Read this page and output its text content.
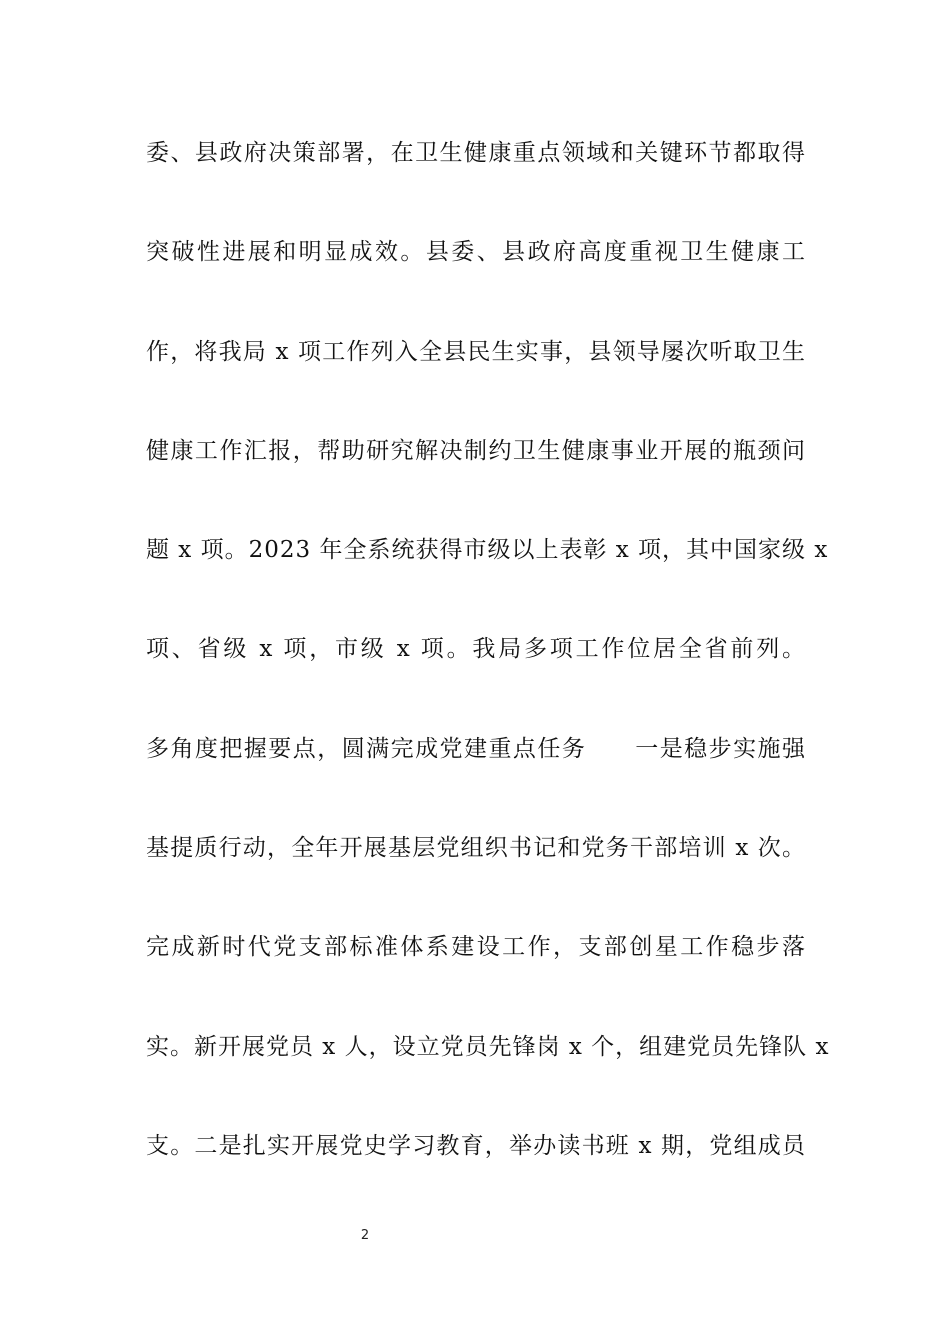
委、县政府决策部署，在卫生健康重点领域和关键环节都取得
突破性进展和明显成效。县委、县政府高度重视卫生健康工
作，将我局 x 项工作列入全县民生实事，县领导屡次听取卫生
健康工作汇报，帮助研究解决制约卫生健康事业开展的瓶颈问
题 x 项。2023 年全系统获得市级以上表彰 x 项，其中国家级 x
项、省级 x 项，市级 x 项。我局多项工作位居全省前列。
多角度把握要点，圆满完成党建重点任务　　一是稳步实施强
基提质行动，全年开展基层党组织书记和党务干部培训 x 次。
完成新时代党支部标准体系建设工作，支部创星工作稳步落
实。新开展党员 x 人，设立党员先锋岗 x 个，组建党员先锋队 x
支。二是扎实开展党史学习教育，举办读书班 x 期，党组成员
2
